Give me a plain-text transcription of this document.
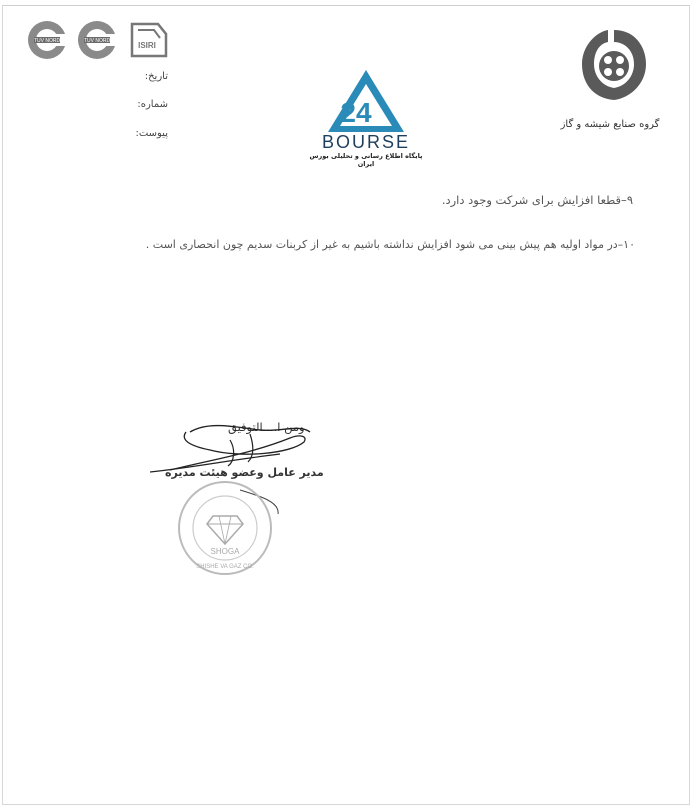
TUV NORD	TUV NORD	ISIRI
تاریخ:
شماره:
پیوست:
24
BOURSE
پایگاه اطلاع رسانی و تحلیلی بورس ایران
گروه صنایع شیشه و گاز
۹–قطعا افزایش برای شرکت وجود دارد.
۱۰–در مواد اولیه هم پیش بینی می شود افزایش نداشته باشیم به غیر از کربنات سدیم چون انحصاری است .
ومن ا... التوفیق
مدیر عامل وعضو هیئت مدیره
SHOGA
SHISHE VA GAZ CO.
